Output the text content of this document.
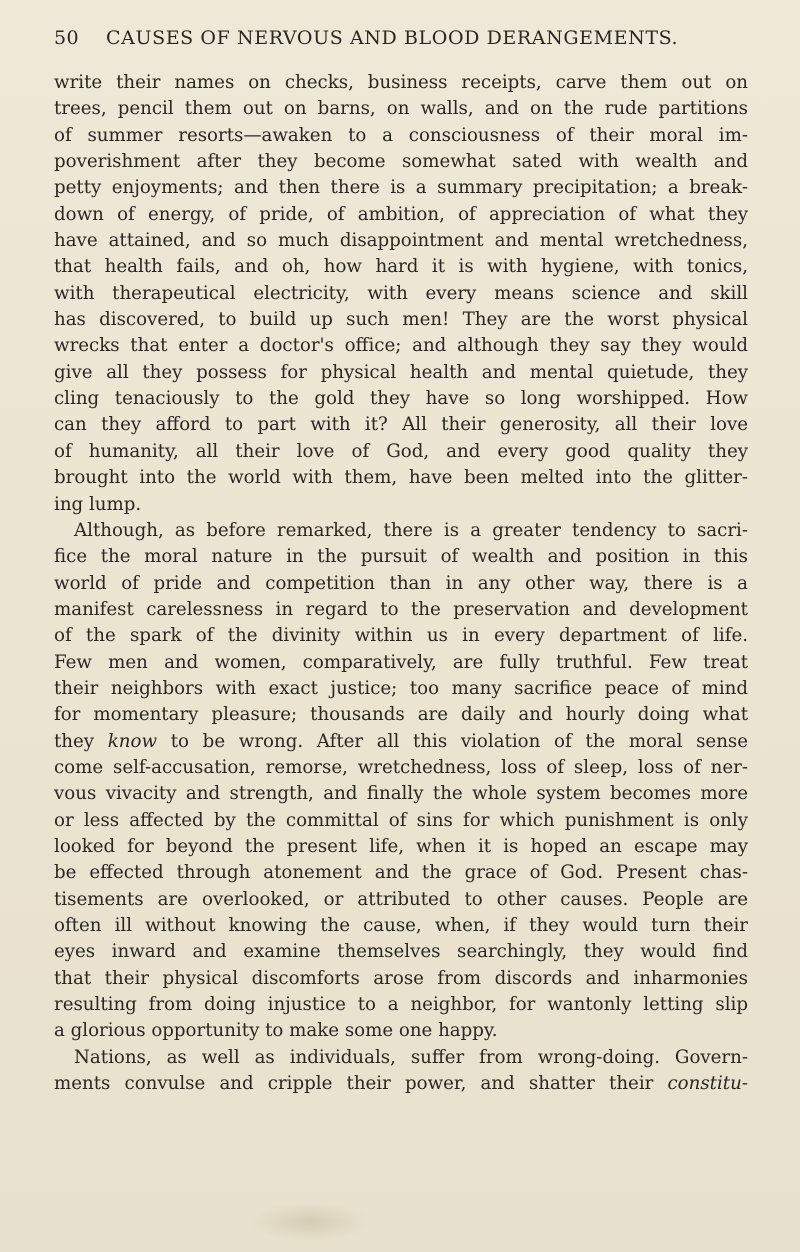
50 CAUSES OF NERVOUS AND BLOOD DERANGEMENTS.
write their names on checks, business receipts, carve them out on
trees, pencil them out on barns, on walls, and on the rude partitions
of summer resorts—awaken to a consciousness of their moral im-
poverishment after they become somewhat sated with wealth and
petty enjoyments; and then there is a summary precipitation; a break-
down of energy, of pride, of ambition, of appreciation of what they
have attained, and so much disappointment and mental wretchedness,
that health fails, and oh, how hard it is with hygiene, with tonics,
with therapeutical electricity, with every means science and skill
has discovered, to build up such men! They are the worst physical
wrecks that enter a doctor's office; and although they say they would
give all they possess for physical health and mental quietude, they
cling tenaciously to the gold they have so long worshipped. How
can they afford to part with it? All their generosity, all their love
of humanity, all their love of God, and every good quality they
brought into the world with them, have been melted into the glitter-
ing lump.
Although, as before remarked, there is a greater tendency to sacri-
fice the moral nature in the pursuit of wealth and position in this
world of pride and competition than in any other way, there is a
manifest carelessness in regard to the preservation and development
of the spark of the divinity within us in every department of life.
Few men and women, comparatively, are fully truthful. Few treat
their neighbors with exact justice; too many sacrifice peace of mind
for momentary pleasure; thousands are daily and hourly doing what
they know to be wrong. After all this violation of the moral sense
come self-accusation, remorse, wretchedness, loss of sleep, loss of ner-
vous vivacity and strength, and finally the whole system becomes more
or less affected by the committal of sins for which punishment is only
looked for beyond the present life, when it is hoped an escape may
be effected through atonement and the grace of God. Present chas-
tisements are overlooked, or attributed to other causes. People are
often ill without knowing the cause, when, if they would turn their
eyes inward and examine themselves searchingly, they would find
that their physical discomforts arose from discords and inharmonies
resulting from doing injustice to a neighbor, for wantonly letting slip
a glorious opportunity to make some one happy.
Nations, as well as individuals, suffer from wrong-doing. Govern-
ments convulse and cripple their power, and shatter their constitu-
